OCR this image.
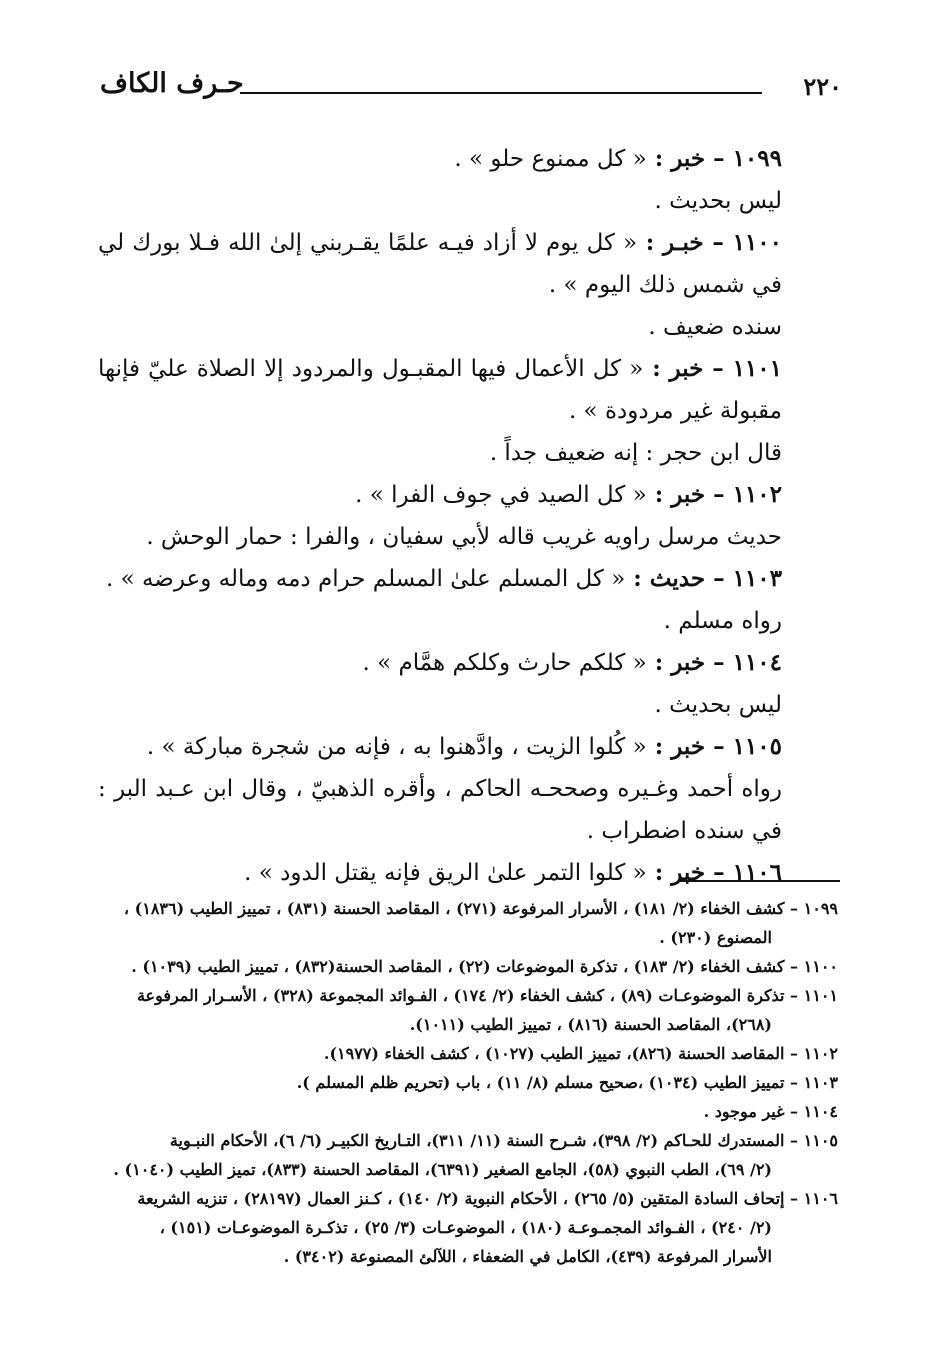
٢٢٠
حـرف الكاف
١٠٩٩ – خبر : « كل ممنوع حلو » .
ليس بحديث .
١١٠٠ – خبـر : « كل يوم لا أزاد فيـه علمًا يقـربني إلىٰ الله فـلا بورك لي في شمس ذلك اليوم » .
سنده ضعيف .
١١٠١ – خبر : « كل الأعمال فيها المقبـول والمردود إلا الصلاة عليّ فإنها مقبولة غير مردودة » .
قال ابن حجر : إنه ضعيف جداً .
١١٠٢ – خبر : « كل الصيد في جوف الفرا » .
حديث مرسل راويه غريب قاله لأبي سفيان ، والفرا : حمار الوحش .
١١٠٣ – حديث : « كل المسلم علىٰ المسلم حرام دمه وماله وعرضه » .
رواه مسلم .
١١٠٤ – خبر : « كلكم حارث وكلكم همَّام » .
ليس بحديث .
١١٠٥ – خبر : « كُلوا الزيت ، وادَّهنوا به ، فإنه من شجرة مباركة » .
رواه أحمد وغـيره وصححـه الحاكم ، وأقره الذهبيّ ، وقال ابن عـبد البر : في سنده اضطراب .
١١٠٦ – خبر : « كلوا التمر علىٰ الريق فإنه يقتل الدود » .
١٠٩٩ – كشف الخفاء (٢/ ١٨١) ، الأسرار المرفوعة (٢٧١) ، المقاصد الحسنة (٨٣١) ، تمييز الطيب (١٨٣٦) ،
المصنوع (٢٣٠) .
١١٠٠ – كشف الخفاء (٢/ ١٨٣) ، تذكرة الموضوعات (٢٢) ، المقاصد الحسنة(٨٣٢) ، تمييز الطيب (١٠٣٩) .
١١٠١ – تذكرة الموضوعـات (٨٩) ، كشف الخفاء (٢/ ١٧٤) ، الفـوائد المجموعة (٣٢٨) ، الأسـرار المرفوعة
(٢٦٨)، المقاصد الحسنة (٨١٦) ، تمييز الطيب (١٠١١).
١١٠٢ – المقاصد الحسنة (٨٢٦)، تمييز الطيب (١٠٢٧) ، كشف الخفاء (١٩٧٧).
١١٠٣ – تمييز الطيب (١٠٣٤) ،صحيح مسلم (٨/ ١١) ، باب (تحريم ظلم المسلم ).
١١٠٤ – غير موجود .
١١٠٥ – المستدرك للحـاكم (٢/ ٣٩٨)، شـرح السنة (١١/ ٣١١)، التـاريخ الكبيـر (٦/ ٦)، الأحكام النبـوية
(٢/ ٦٩)، الطب النبوي (٥٨)، الجامع الصغير (٦٣٩١)، المقاصد الحسنة (٨٣٣)، تميز الطيب (١٠٤٠) .
١١٠٦ – إتحاف السادة المتقين (٥/ ٢٦٥) ، الأحكام النبوية (٢/ ١٤٠) ، كـنز العمال (٢٨١٩٧) ، تنزيه الشريعة
(٢/ ٢٤٠) ، الفـوائد المجمـوعـة (١٨٠) ، الموضوعـات (٣/ ٢٥) ، تذكـرة الموضوعـات (١٥١) ،
الأسرار المرفوعة (٤٣٩)، الكامل في الضعفاء ، اللآلئ المصنوعة (٣٤٠٢) .
